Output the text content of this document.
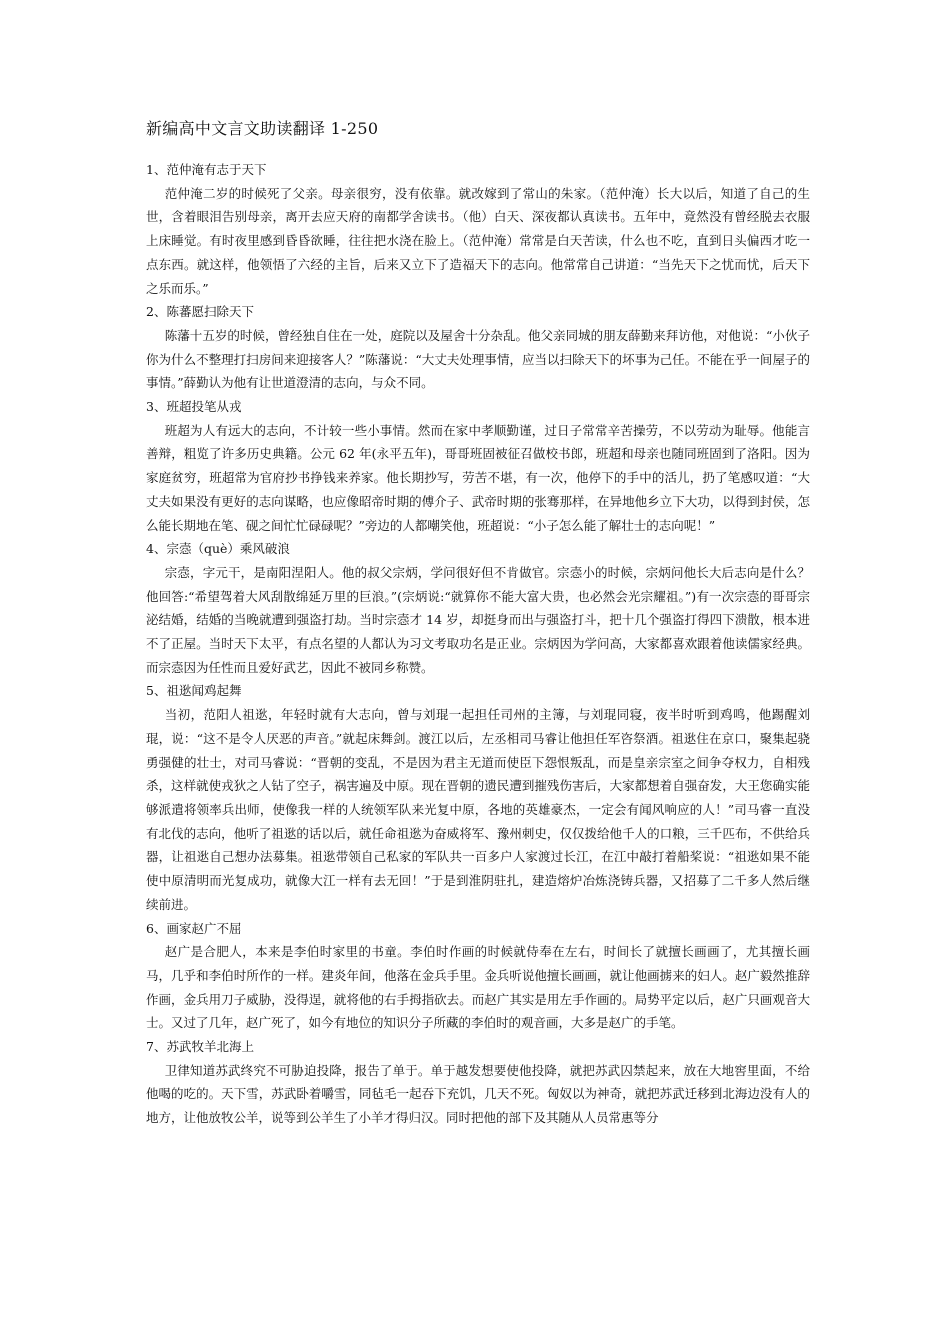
新编高中文言文助读翻译 1-250

1、范仲淹有志于天下

范仲淹二岁的时候死了父亲。母亲很穷，没有依靠。就改嫁到了常山的朱家。（范仲淹）长大以后，知道了自己的生世，含着眼泪告别母亲，离开去应天府的南都学舍读书。（他）白天、深夜都认真读书。五年中，竟然没有曾经脱去衣服上床睡觉。有时夜里感到昏昏欲睡，往往把水浇在脸上。（范仲淹）常常是白天苦读，什么也不吃，直到日头偏西才吃一点东西。就这样，他领悟了六经的主旨，后来又立下了造福天下的志向。他常常自己讲道：“当先天下之忧而忧，后天下之乐而乐。”

2、陈蕃愿扫除天下

陈藩十五岁的时候，曾经独自住在一处，庭院以及屋舍十分杂乱。他父亲同城的朋友薛勤来拜访他，对他说：“小伙子你为什么不整理打扫房间来迎接客人？”陈藩说：“大丈夫处理事情，应当以扫除天下的坏事为己任。不能在乎一间屋子的事情。”薛勤认为他有让世道澄清的志向，与众不同。

3、班超投笔从戎

班超为人有远大的志向，不计较一些小事情。然而在家中孝顺勤谨，过日子常常辛苦操劳，不以劳动为耻辱。他能言善辩，粗览了许多历史典籍。公元 62 年(永平五年)，哥哥班固被征召做校书郎，班超和母亲也随同班固到了洛阳。因为家庭贫穷，班超常为官府抄书挣钱来养家。他长期抄写，劳苦不堪，有一次，他停下的手中的活儿，扔了笔感叹道：“大丈夫如果没有更好的志向谋略，也应像昭帝时期的傅介子、武帝时期的张骞那样，在异地他乡立下大功，以得到封侯，怎么能长期地在笔、砚之间忙忙碌碌呢？”旁边的人都嘲笑他，班超说：“小子怎么能了解壮士的志向呢！”

4、宗悫（què）乘风破浪

宗悫，字元干，是南阳涅阳人。他的叔父宗炳，学问很好但不肯做官。宗悫小的时候，宗炳问他长大后志向是什么？他回答:“希望驾着大风刮散绵延万里的巨浪。”(宗炳说:“就算你不能大富大贵，也必然会光宗耀祖。”)有一次宗悫的哥哥宗泌结婚，结婚的当晚就遭到强盗打劫。当时宗悫才 14 岁，却挺身而出与强盗打斗，把十几个强盗打得四下溃散，根本进不了正屋。当时天下太平，有点名望的人都认为习文考取功名是正业。宗炳因为学问高，大家都喜欢跟着他读儒家经典。而宗悫因为任性而且爱好武艺，因此不被同乡称赞。

5、祖逖闻鸡起舞

当初，范阳人祖逖，年轻时就有大志向，曾与刘琨一起担任司州的主簿，与刘琨同寝，夜半时听到鸡鸣，他踢醒刘琨，说：“这不是令人厌恶的声音。”就起床舞剑。渡江以后，左丞相司马睿让他担任军咨祭酒。祖逖住在京口，聚集起骁勇强健的壮士，对司马睿说：“晋朝的变乱，不是因为君主无道而使臣下怨恨叛乱，而是皇亲宗室之间争夺权力，自相残杀，这样就使戎狄之人钻了空子，祸害遍及中原。现在晋朝的遗民遭到摧残伤害后，大家都想着自强奋发，大王您确实能够派遣将领率兵出师，使像我一样的人统领军队来光复中原，各地的英雄豪杰，一定会有闻风响应的人！”司马睿一直没有北伐的志向，他听了祖逖的话以后，就任命祖逖为奋威将军、豫州刺史，仅仅拨给他千人的口粮，三千匹布，不供给兵器，让祖逖自己想办法募集。祖逖带领自己私家的军队共一百多户人家渡过长江，在江中敲打着船桨说：“祖逖如果不能使中原清明而光复成功，就像大江一样有去无回！”于是到淮阴驻扎，建造熔炉冶炼浇铸兵器，又招募了二千多人然后继续前进。

6、画家赵广不屈

赵广是合肥人，本来是李伯时家里的书童。李伯时作画的时候就侍奉在左右，时间长了就擅长画画了，尤其擅长画马，几乎和李伯时所作的一样。建炎年间，他落在金兵手里。金兵听说他擅长画画，就让他画掳来的妇人。赵广毅然推辞作画，金兵用刀子威胁，没得逞，就将他的右手拇指砍去。而赵广其实是用左手作画的。局势平定以后，赵广只画观音大士。又过了几年，赵广死了，如今有地位的知识分子所藏的李伯时的观音画，大多是赵广的手笔。

7、苏武牧羊北海上

卫律知道苏武终究不可胁迫投降，报告了单于。单于越发想要使他投降，就把苏武囚禁起来，放在大地窖里面，不给他喝的吃的。天下雪，苏武卧着嚼雪，同毡毛一起吞下充饥，几天不死。匈奴以为神奇，就把苏武迁移到北海边没有人的地方，让他放牧公羊，说等到公羊生了小羊才得归汉。同时把他的部下及其随从人员常惠等分
